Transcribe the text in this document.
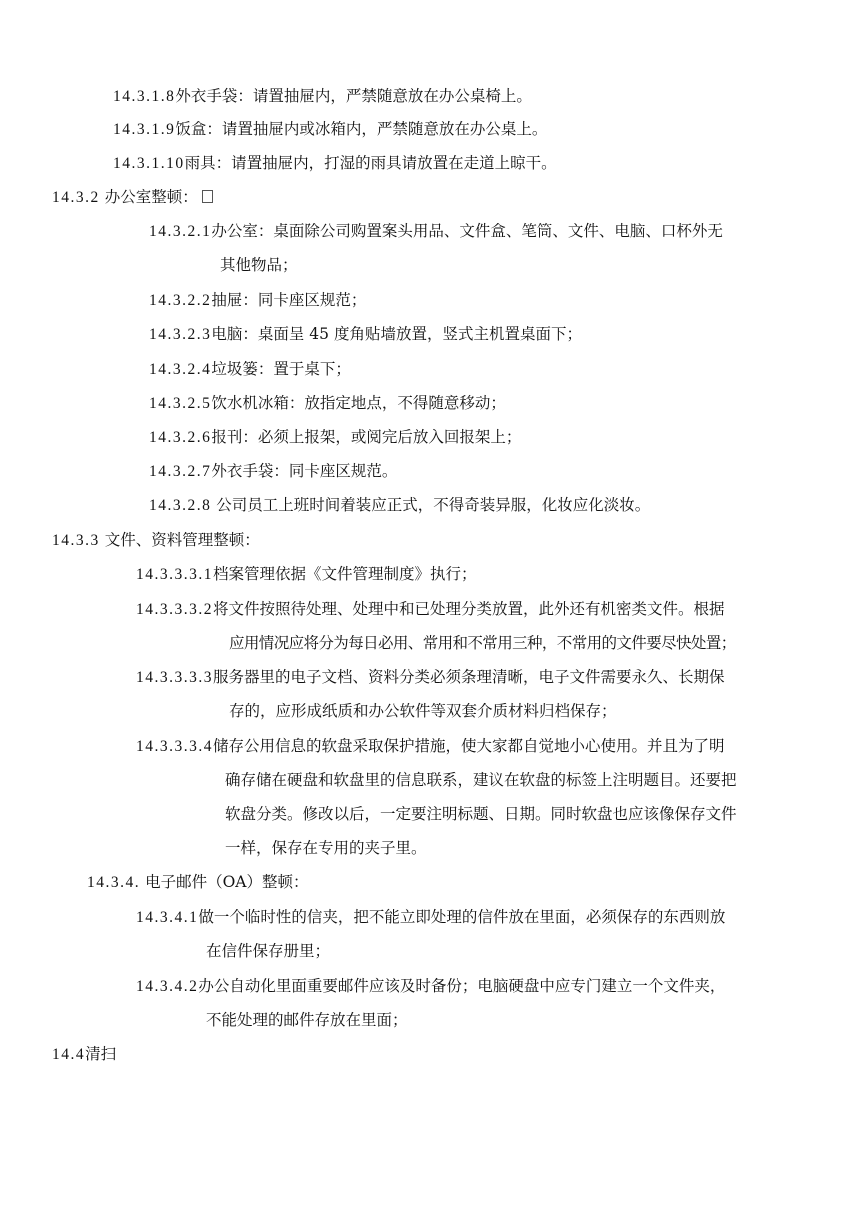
14.3.1.8外衣手袋：请置抽屉内，严禁随意放在办公桌椅上。
14.3.1.9饭盒：请置抽屉内或冰箱内，严禁随意放在办公桌上。
14.3.1.10雨具：请置抽屉内，打湿的雨具请放置在走道上晾干。
14.3.2 办公室整顿：
14.3.2.1办公室：桌面除公司购置案头用品、文件盒、笔筒、文件、电脑、口杯外无
其他物品；
14.3.2.2抽屉：同卡座区规范；
14.3.2.3电脑：桌面呈 45 度角贴墙放置，竖式主机置桌面下；
14.3.2.4垃圾篓：置于桌下；
14.3.2.5饮水机冰箱：放指定地点，不得随意移动；
14.3.2.6报刊：必须上报架，或阅完后放入回报架上；
14.3.2.7外衣手袋：同卡座区规范。
14.3.2.8 公司员工上班时间着装应正式，不得奇装异服，化妆应化淡妆。
14.3.3 文件、资料管理整顿：
14.3.3.3.1档案管理依据《文件管理制度》执行；
14.3.3.3.2将文件按照待处理、处理中和已处理分类放置，此外还有机密类文件。根据
应用情况应将分为每日必用、常用和不常用三种，不常用的文件要尽快处置；
14.3.3.3.3服务器里的电子文档、资料分类必须条理清晰，电子文件需要永久、长期保
存的，应形成纸质和办公软件等双套介质材料归档保存；
14.3.3.3.4储存公用信息的软盘采取保护措施，使大家都自觉地小心使用。并且为了明
确存储在硬盘和软盘里的信息联系，建议在软盘的标签上注明题目。还要把
软盘分类。修改以后，一定要注明标题、日期。同时软盘也应该像保存文件
一样，保存在专用的夹子里。
14.3.4. 电子邮件（OA）整顿：
14.3.4.1做一个临时性的信夹，把不能立即处理的信件放在里面，必须保存的东西则放
在信件保存册里；
14.3.4.2办公自动化里面重要邮件应该及时备份；电脑硬盘中应专门建立一个文件夹，
不能处理的邮件存放在里面；
14.4清扫
